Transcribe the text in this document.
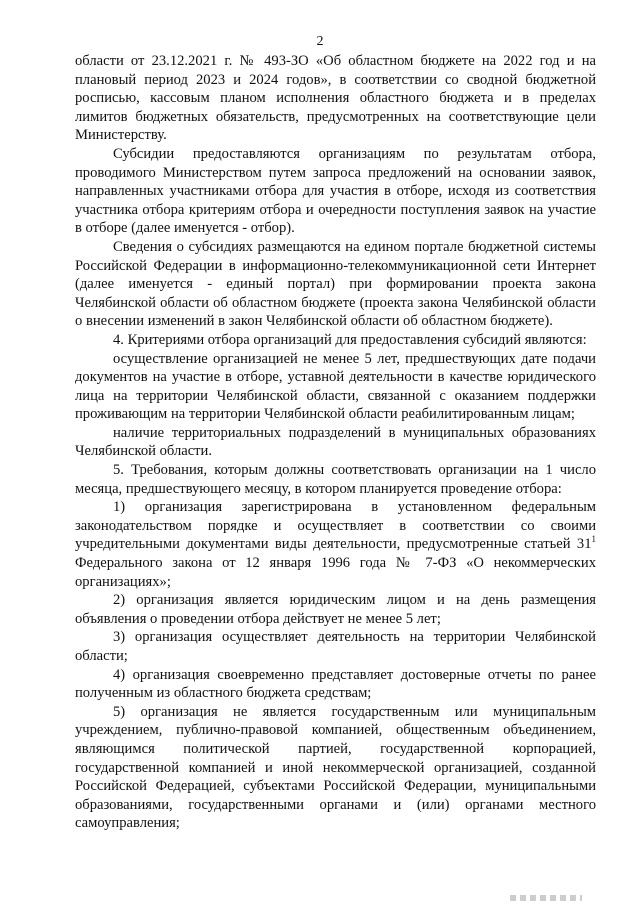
2

области от 23.12.2021 г. № 493-ЗО «Об областном бюджете на 2022 год и на плановый период 2023 и 2024 годов», в соответствии со сводной бюджетной росписью, кассовым планом исполнения областного бюджета и в пределах лимитов бюджетных обязательств, предусмотренных на соответствующие цели Министерству.

Субсидии предоставляются организациям по результатам отбора, проводимого Министерством путем запроса предложений на основании заявок, направленных участниками отбора для участия в отборе, исходя из соответствия участника отбора критериям отбора и очередности поступления заявок на участие в отборе (далее именуется - отбор).

Сведения о субсидиях размещаются на едином портале бюджетной системы Российской Федерации в информационно-телекоммуникационной сети Интернет (далее именуется - единый портал) при формировании проекта закона Челябинской области об областном бюджете (проекта закона Челябинской области о внесении изменений в закон Челябинской области об областном бюджете).

4. Критериями отбора организаций для предоставления субсидий являются:

осуществление организацией не менее 5 лет, предшествующих дате подачи документов на участие в отборе, уставной деятельности в качестве юридического лица на территории Челябинской области, связанной с оказанием поддержки проживающим на территории Челябинской области реабилитированным лицам;

наличие территориальных подразделений в муниципальных образованиях Челябинской области.

5. Требования, которым должны соответствовать организации на 1 число месяца, предшествующего месяцу, в котором планируется проведение отбора:

1) организация зарегистрирована в установленном федеральным законодательством порядке и осуществляет в соответствии со своими учредительными документами виды деятельности, предусмотренные статьей $31^1$ Федерального закона от 12 января 1996 года № 7-ФЗ «О некоммерческих организациях»;

2) организация является юридическим лицом и на день размещения объявления о проведении отбора действует не менее 5 лет;

3) организация осуществляет деятельность на территории Челябинской области;

4) организация своевременно представляет достоверные отчеты по ранее полученным из областного бюджета средствам;

5) организация не является государственным или муниципальным учреждением, публично-правовой компанией, общественным объединением, являющимся политической партией, государственной корпорацией, государственной компанией и иной некоммерческой организацией, созданной Российской Федерацией, субъектами Российской Федерации, муниципальными образованиями, государственными органами и (или) органами местного самоуправления;
